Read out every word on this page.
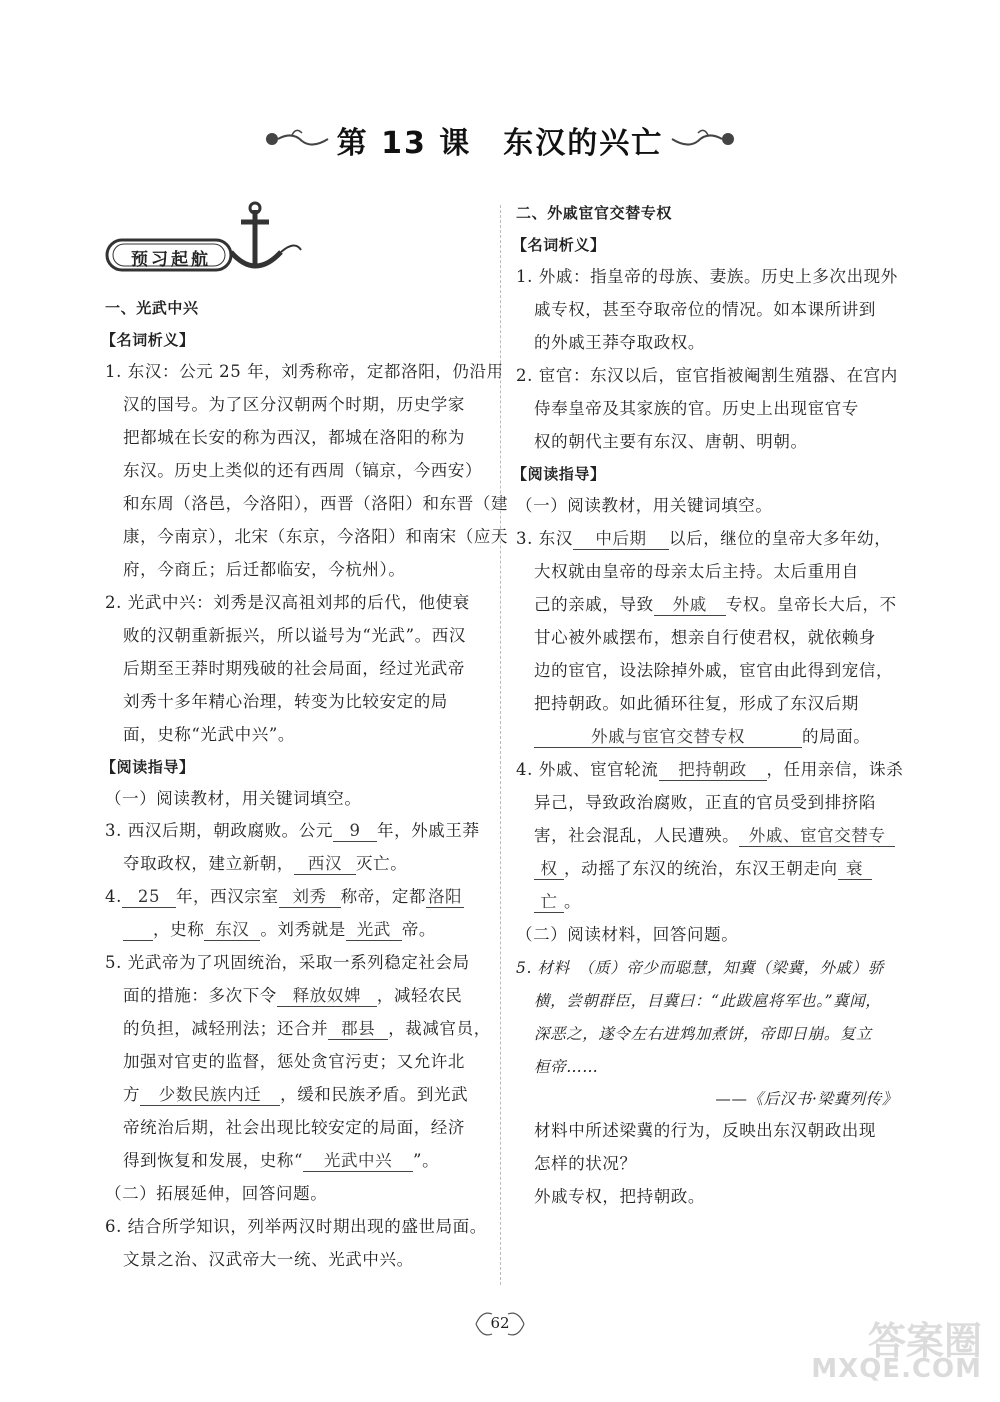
第 13 课　东汉的兴亡
预习起航
一、光武中兴
【名词析义】
1. 东汉：公元 25 年，刘秀称帝，定都洛阳，仍沿用
汉的国号。为了区分汉朝两个时期，历史学家
把都城在长安的称为西汉，都城在洛阳的称为
东汉。历史上类似的还有西周（镐京，今西安）
和东周（洛邑，今洛阳），西晋（洛阳）和东晋（建
康，今南京），北宋（东京，今洛阳）和南宋（应天
府，今商丘；后迁都临安，今杭州）。
2. 光武中兴：刘秀是汉高祖刘邦的后代，他使衰
败的汉朝重新振兴，所以谥号为“光武”。西汉
后期至王莽时期残破的社会局面，经过光武帝
刘秀十多年精心治理，转变为比较安定的局
面，史称“光武中兴”。
【阅读指导】
（一）阅读教材，用关键词填空。
3. 西汉后期，朝政腐败。公元 9 年，外戚王莽
夺取政权，建立新朝， 西汉 灭亡。
4. 25 年，西汉宗室 刘秀 称帝，定都 洛阳
，史称 东汉 。刘秀就是 光武 帝。
5. 光武帝为了巩固统治，采取一系列稳定社会局
面的措施：多次下令 释放奴婢 ，减轻农民
的负担，减轻刑法；还合并 郡县 ，裁减官员，
加强对官吏的监督，惩处贪官污吏；又允许北
方 少数民族内迁 ，缓和民族矛盾。到光武
帝统治后期，社会出现比较安定的局面，经济
得到恢复和发展，史称“ 光武中兴 ”。
（二）拓展延伸，回答问题。
6. 结合所学知识，列举两汉时期出现的盛世局面。
文景之治、汉武帝大一统、光武中兴。
二、外戚宦官交替专权
【名词析义】
1. 外戚：指皇帝的母族、妻族。历史上多次出现外
戚专权，甚至夺取帝位的情况。如本课所讲到
的外戚王莽夺取政权。
2. 宦官：东汉以后，宦官指被阉割生殖器、在宫内
侍奉皇帝及其家族的官。历史上出现宦官专
权的朝代主要有东汉、唐朝、明朝。
【阅读指导】
（一）阅读教材，用关键词填空。
3. 东汉 中后期 以后，继位的皇帝大多年幼，
大权就由皇帝的母亲太后主持。太后重用自
己的亲戚，导致 外戚 专权。皇帝长大后，不
甘心被外戚摆布，想亲自行使君权，就依赖身
边的宦官，设法除掉外戚，宦官由此得到宠信，
把持朝政。如此循环往复，形成了东汉后期
外戚与宦官交替专权	的局面。
4. 外戚、宦官轮流 把持朝政 ，任用亲信，诛杀
异己，导致政治腐败，正直的官员受到排挤陷
害，社会混乱，人民遭殃。 外戚、宦官交替专
权 ，动摇了东汉的统治，东汉王朝走向 衰
亡 。
（二）阅读材料，回答问题。
5. 材料　（质）帝少而聪慧，知冀（梁冀，外戚）骄
横，尝朝群臣，目冀曰：“此跋扈将军也。”冀闻，
深恶之，遂令左右进鸩加煮饼，帝即日崩。复立
桓帝……
——《后汉书·梁冀列传》
材料中所述梁冀的行为，反映出东汉朝政出现
怎样的状况？
外戚专权，把持朝政。
62	答案圈
MXQE.COM
